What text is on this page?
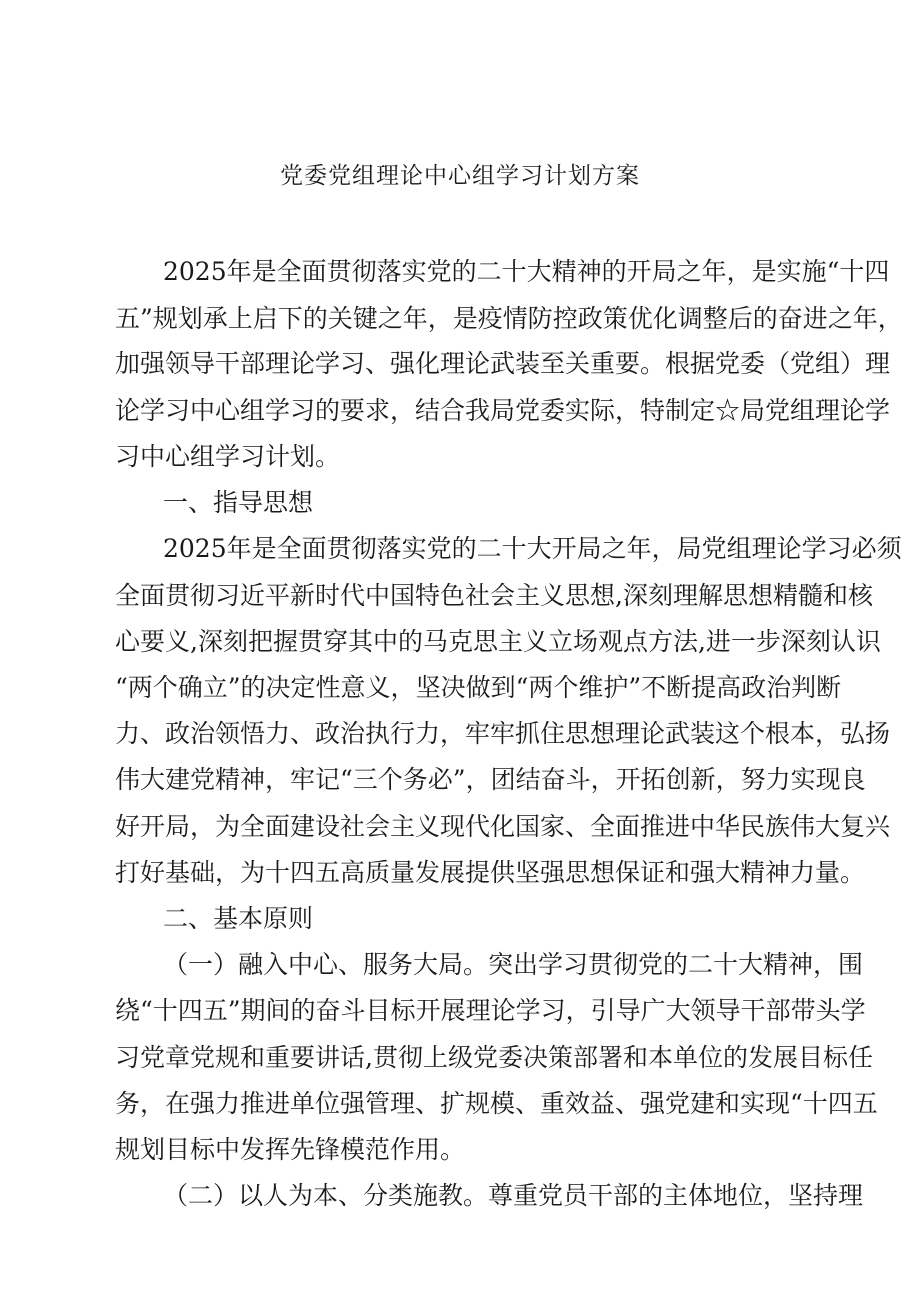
党委党组理论中心组学习计划方案
2025年是全面贯彻落实党的二十大精神的开局之年，是实施“十四
五”规划承上启下的关键之年，是疫情防控政策优化调整后的奋进之年，
加强领导干部理论学习、强化理论武装至关重要。根据党委（党组）理
论学习中心组学习的要求，结合我局党委实际，特制定☆局党组理论学
习中心组学习计划。
一、指导思想
2025年是全面贯彻落实党的二十大开局之年，局党组理论学习必须
全面贯彻习近平新时代中国特色社会主义思想,深刻理解思想精髓和核
心要义,深刻把握贯穿其中的马克思主义立场观点方法,进一步深刻认识
“两个确立”的决定性意义，坚决做到“两个维护”不断提高政治判断
力、政治领悟力、政治执行力，牢牢抓住思想理论武装这个根本，弘扬
伟大建党精神，牢记“三个务必”，团结奋斗，开拓创新，努力实现良
好开局，为全面建设社会主义现代化国家、全面推进中华民族伟大复兴
打好基础，为十四五高质量发展提供坚强思想保证和强大精神力量。
二、基本原则
（一）融入中心、服务大局。突出学习贯彻党的二十大精神，围
绕“十四五”期间的奋斗目标开展理论学习，引导广大领导干部带头学
习党章党规和重要讲话,贯彻上级党委决策部署和本单位的发展目标任
务，在强力推进单位强管理、扩规模、重效益、强党建和实现“十四五
规划目标中发挥先锋模范作用。
（二）以人为本、分类施教。尊重党员干部的主体地位，坚持理
